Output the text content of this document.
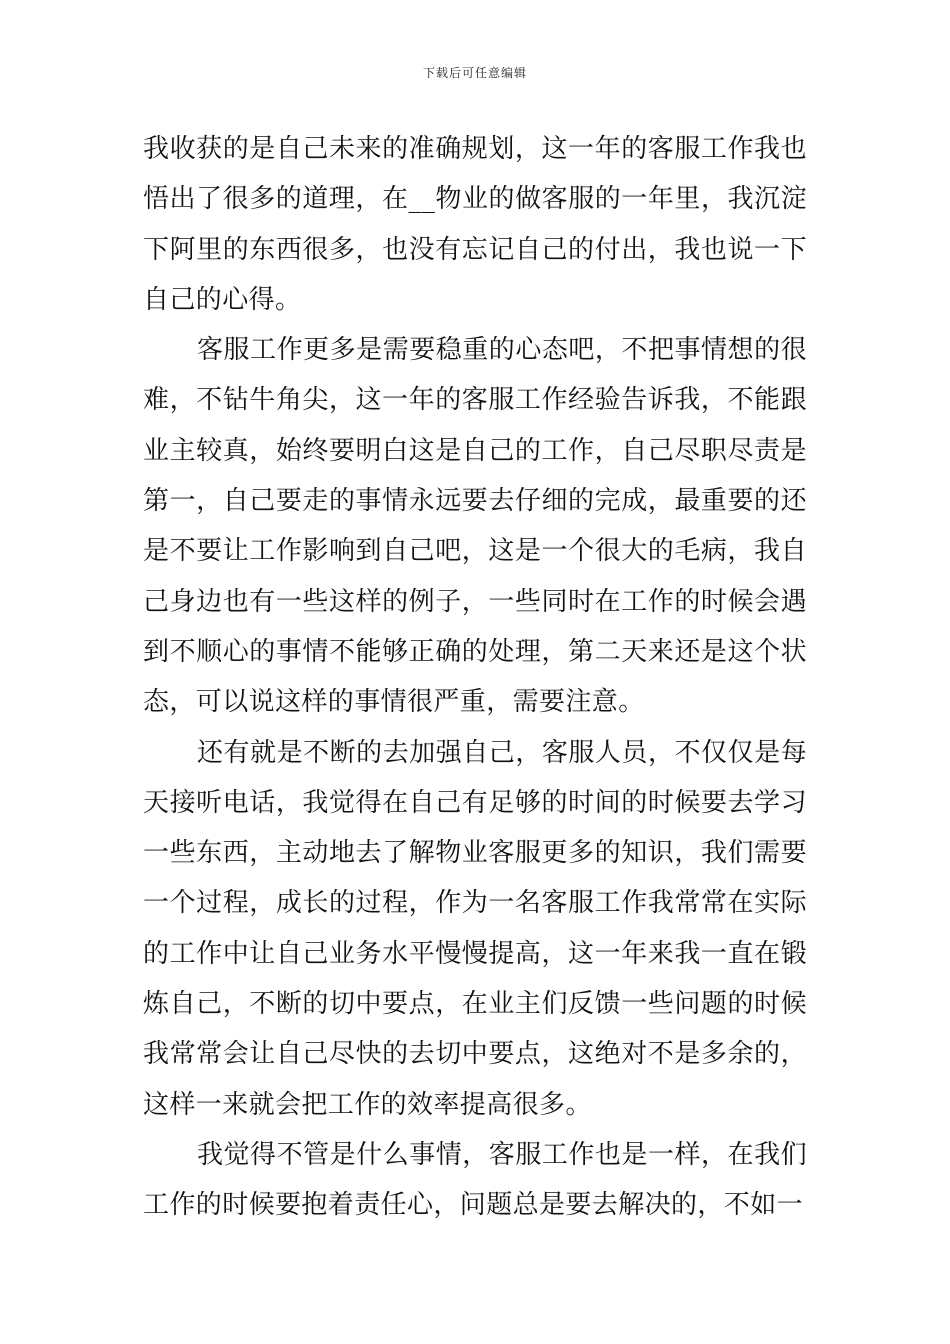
下载后可任意编辑

我收获的是自己未来的准确规划，这一年的客服工作我也悟出了很多的道理，在__物业的做客服的一年里，我沉淀下阿里的东西很多，也没有忘记自己的付出，我也说一下自己的心得。

客服工作更多是需要稳重的心态吧，不把事情想的很难，不钻牛角尖，这一年的客服工作经验告诉我，不能跟业主较真，始终要明白这是自己的工作，自己尽职尽责是第一，自己要走的事情永远要去仔细的完成，最重要的还是不要让工作影响到自己吧，这是一个很大的毛病，我自己身边也有一些这样的例子，一些同时在工作的时候会遇到不顺心的事情不能够正确的处理，第二天来还是这个状态，可以说这样的事情很严重，需要注意。

还有就是不断的去加强自己，客服人员，不仅仅是每天接听电话，我觉得在自己有足够的时间的时候要去学习一些东西，主动地去了解物业客服更多的知识，我们需要一个过程，成长的过程，作为一名客服工作我常常在实际的工作中让自己业务水平慢慢提高，这一年来我一直在锻炼自己，不断的切中要点，在业主们反馈一些问题的时候我常常会让自己尽快的去切中要点，这绝对不是多余的，这样一来就会把工作的效率提高很多。

我觉得不管是什么事情，客服工作也是一样，在我们工作的时候要抱着责任心，问题总是要去解决的，不如一
